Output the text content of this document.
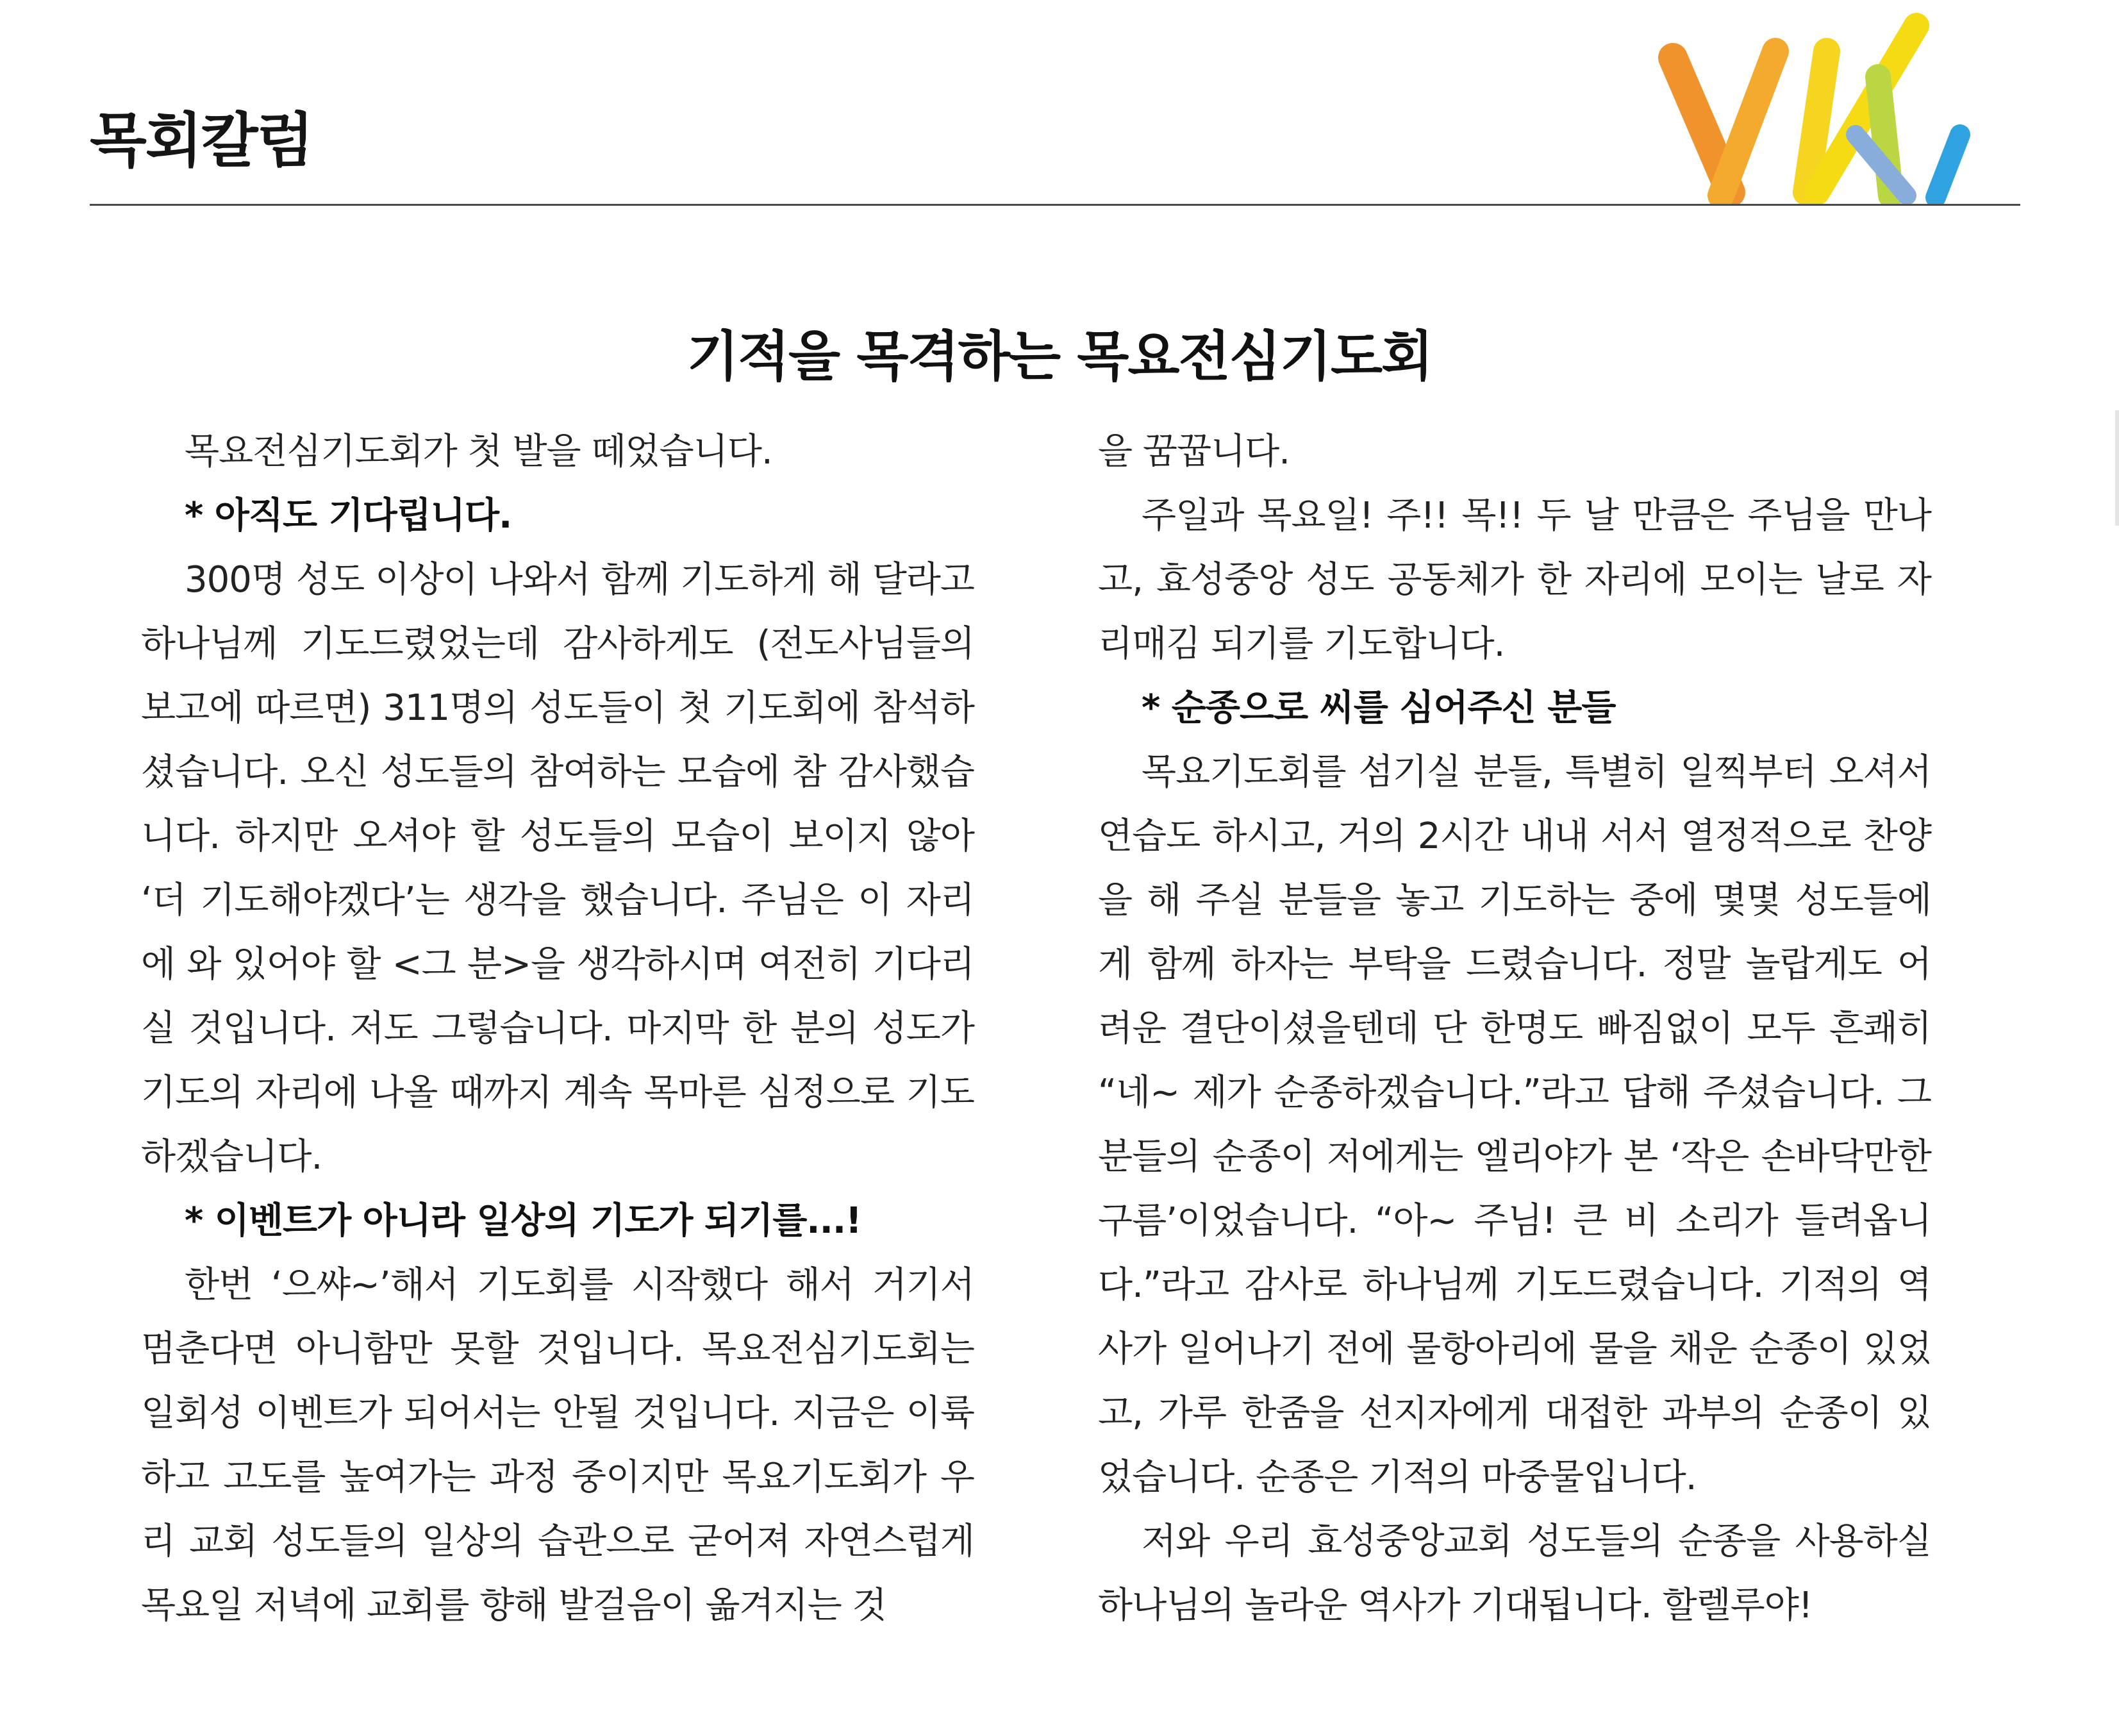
목회칼럼
기적을 목격하는 목요전심기도회

목요전심기도회가 첫 발을 떼었습니다.

* 아직도 기다립니다.

300명 성도 이상이 나와서 함께 기도하게 해 달라고 하나님께 기도드렸었는데 감사하게도 (전도사님들의 보고에 따르면) 311명의 성도들이 첫 기도회에 참석하셨습니다. 오신 성도들의 참여하는 모습에 참 감사했습니다. 하지만 오셔야 할 성도들의 모습이 보이지 않아 ‘더 기도해야겠다’는 생각을 했습니다. 주님은 이 자리에 와 있어야 할 <그 분>을 생각하시며 여전히 기다리실 것입니다. 저도 그렇습니다. 마지막 한 분의 성도가 기도의 자리에 나올 때까지 계속 목마른 심정으로 기도하겠습니다.

* 이벤트가 아니라 일상의 기도가 되기를...!

한번 ‘으쌰~’해서 기도회를 시작했다 해서 거기서 멈춘다면 아니함만 못할 것입니다. 목요전심기도회는 일회성 이벤트가 되어서는 안될 것입니다. 지금은 이륙하고 고도를 높여가는 과정 중이지만 목요기도회가 우리 교회 성도들의 일상의 습관으로 굳어져 자연스럽게 목요일 저녁에 교회를 향해 발걸음이 옮겨지는 것

을 꿈꿉니다.

주일과 목요일! 주!! 목!! 두 날 만큼은 주님을 만나고, 효성중앙 성도 공동체가 한 자리에 모이는 날로 자리매김 되기를 기도합니다.

* 순종으로 씨를 심어주신 분들

목요기도회를 섬기실 분들, 특별히 일찍부터 오셔서 연습도 하시고, 거의 2시간 내내 서서 열정적으로 찬양을 해 주실 분들을 놓고 기도하는 중에 몇몇 성도들에게 함께 하자는 부탁을 드렸습니다. 정말 놀랍게도 어려운 결단이셨을텐데 단 한명도 빠짐없이 모두 흔쾌히 “네~ 제가 순종하겠습니다.”라고 답해 주셨습니다. 그분들의 순종이 저에게는 엘리야가 본 ‘작은 손바닥만한 구름’이었습니다. “아~ 주님! 큰 비 소리가 들려옵니다.”라고 감사로 하나님께 기도드렸습니다. 기적의 역사가 일어나기 전에 물항아리에 물을 채운 순종이 있었고, 가루 한줌을 선지자에게 대접한 과부의 순종이 있었습니다. 순종은 기적의 마중물입니다.

저와 우리 효성중앙교회 성도들의 순종을 사용하실 하나님의 놀라운 역사가 기대됩니다. 할렐루야!
